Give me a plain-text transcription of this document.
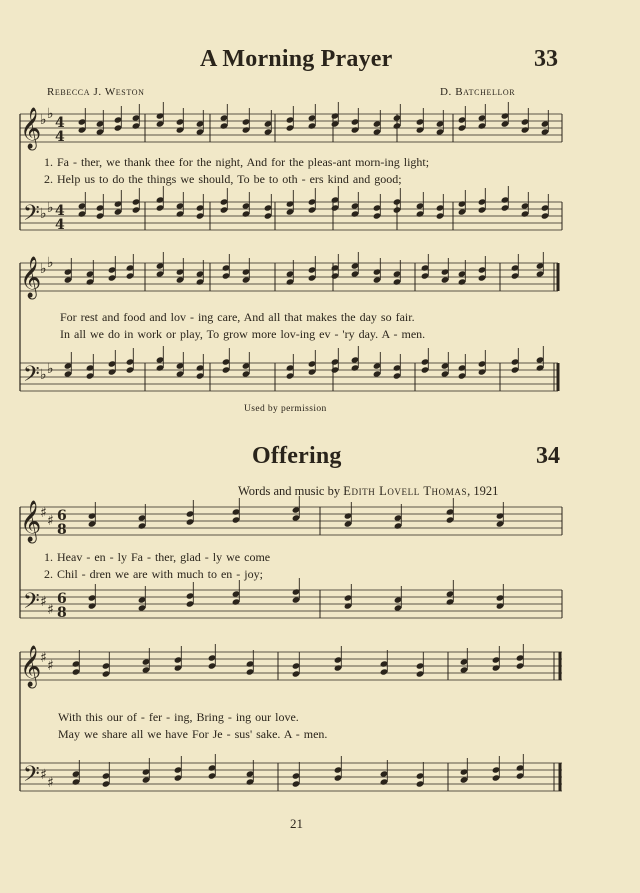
A Morning Prayer	33
Rebecca J. Weston	D. Batchellor
1. Fa - ther, we thank thee for the night, And for the pleas-ant morn-ing light;
2. Help us to do the things we should, To be to oth - ers kind and good;
For rest and food and lov - ing care, And all that makes the day so fair.
In all we do in work or play, To grow more lov-ing ev - 'ry day. A - men.
Used by permission
Offering	34
Words and music by Edith Lovell Thomas, 1921
1. Heav - en - ly Fa - ther, glad - ly we come
2. Chil - dren we are with much to en - joy;
With this our of - fer - ing, Bring - ing our love.
May we share all we have For Je - sus' sake. A - men.
21
𝄞
𝄢
♭ ♭
♭ ♭
4
4
4
4
𝄞
𝄢
♭ ♭
♭ ♭
𝄞
𝄢
♯ ♯
♯ ♯
6
8
6
8
𝄞
𝄢
♯ ♯
♯ ♯
